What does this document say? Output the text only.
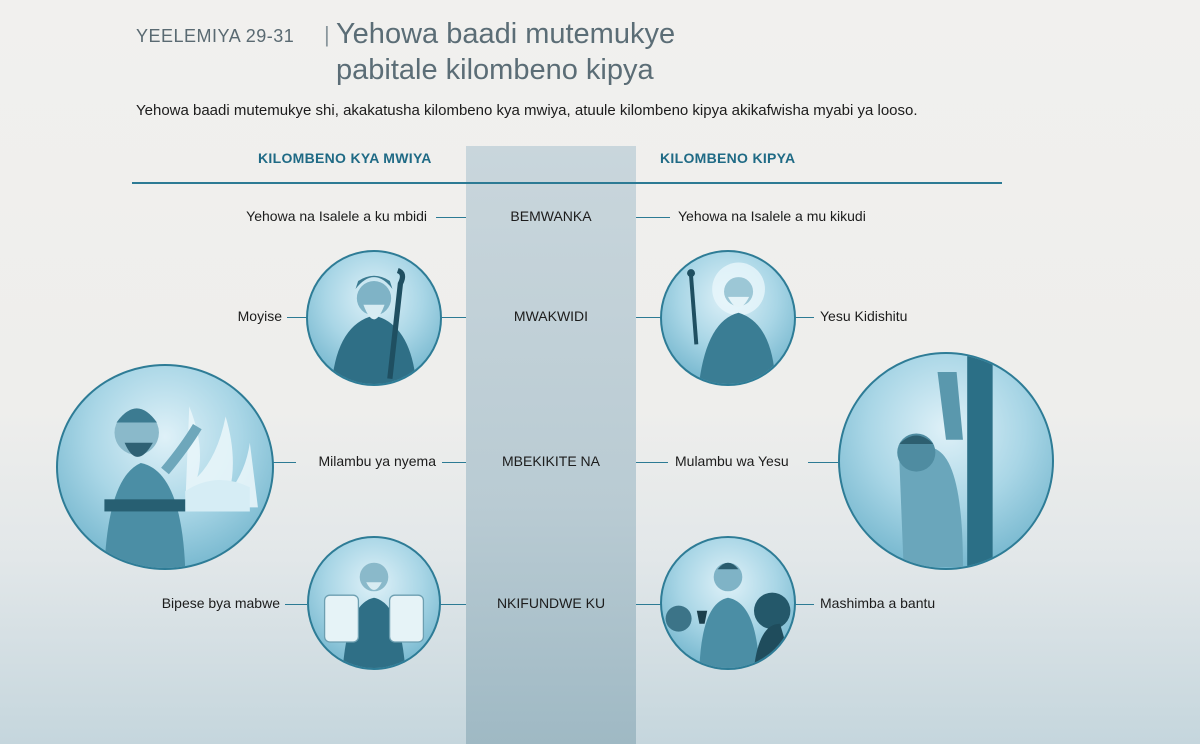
YEELEMIYA 29-31 | Yehowa baadi mutemukye
pabitale kilombeno kipya
Yehowa baadi mutemukye shi, akakatusha kilombeno kya mwiya, atuule kilombeno kipya akikafwisha myabi ya looso.
KILOMBENO KYA MWIYA	KILOMBENO KIPYA
Yehowa na Isalele a ku mbidi	BEMWANKA	Yehowa na Isalele a mu kikudi
Moyise	MWAKWIDI	Yesu Kidishitu
Milambu ya nyema	MBEKIKITE NA	Mulambu wa Yesu
Bipese bya mabwe	NKIFUNDWE KU	Mashimba a bantu
